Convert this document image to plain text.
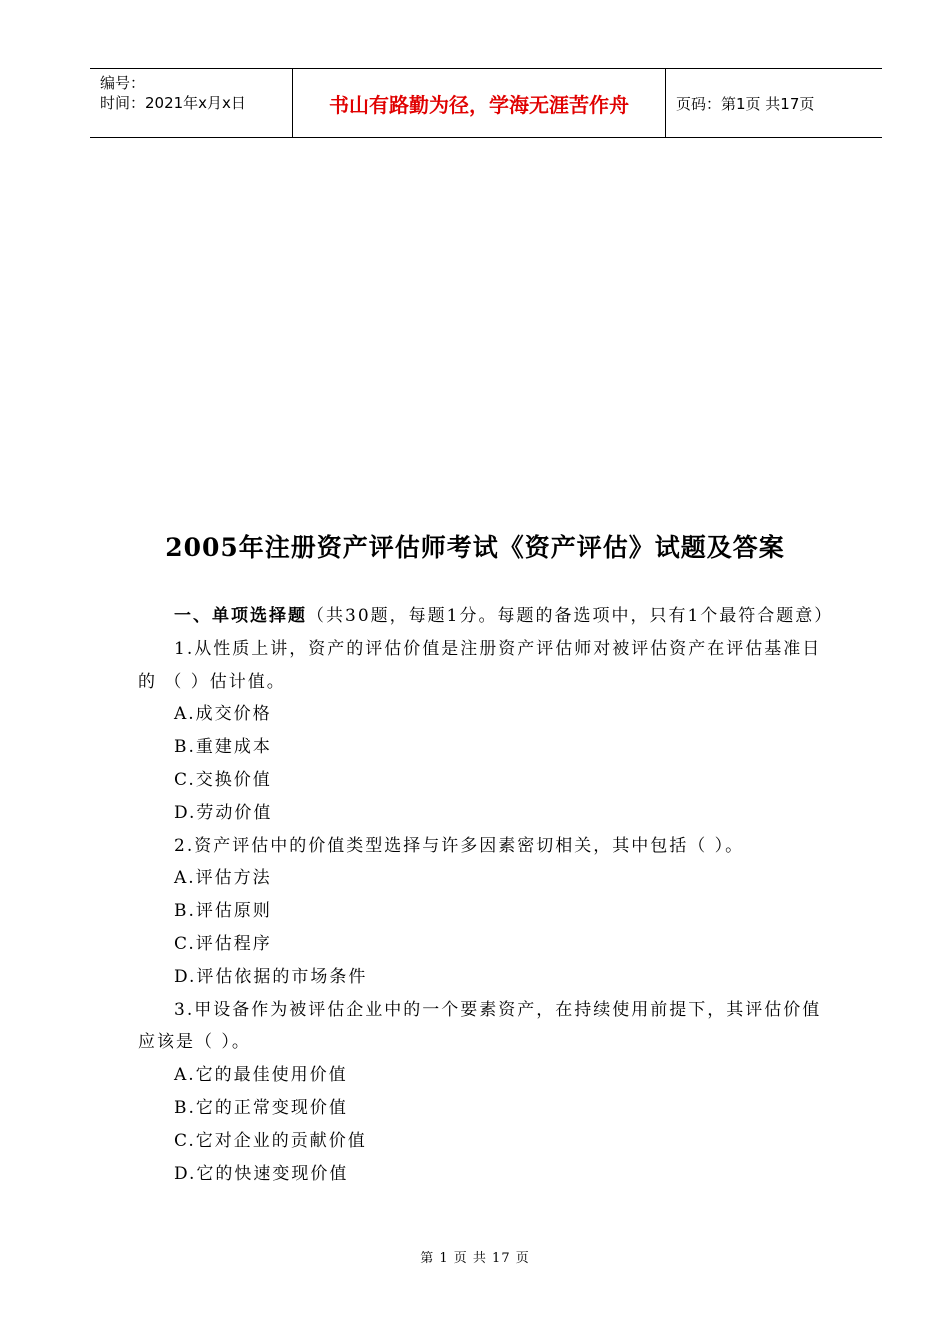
编号：
时间：2021年x月x日	书山有路勤为径，学海无涯苦作舟	页码：第1页 共17页
2005年注册资产评估师考试《资产评估》试题及答案

一、单项选择题（共30题，每题1分。每题的备选项中，只有1个最符合题意）

1.从性质上讲，资产的评估价值是注册资产评估师对被评估资产在评估基准日的 （ ）估计值。

A.成交价格

B.重建成本

C.交换价值

D.劳动价值

2.资产评估中的价值类型选择与许多因素密切相关，其中包括（ ）。

A.评估方法

B.评估原则

C.评估程序

D.评估依据的市场条件

3.甲设备作为被评估企业中的一个要素资产，在持续使用前提下，其评估价值应该是（ ）。

A.它的最佳使用价值

B.它的正常变现价值

C.它对企业的贡献价值

D.它的快速变现价值

第 1 页 共 17 页
